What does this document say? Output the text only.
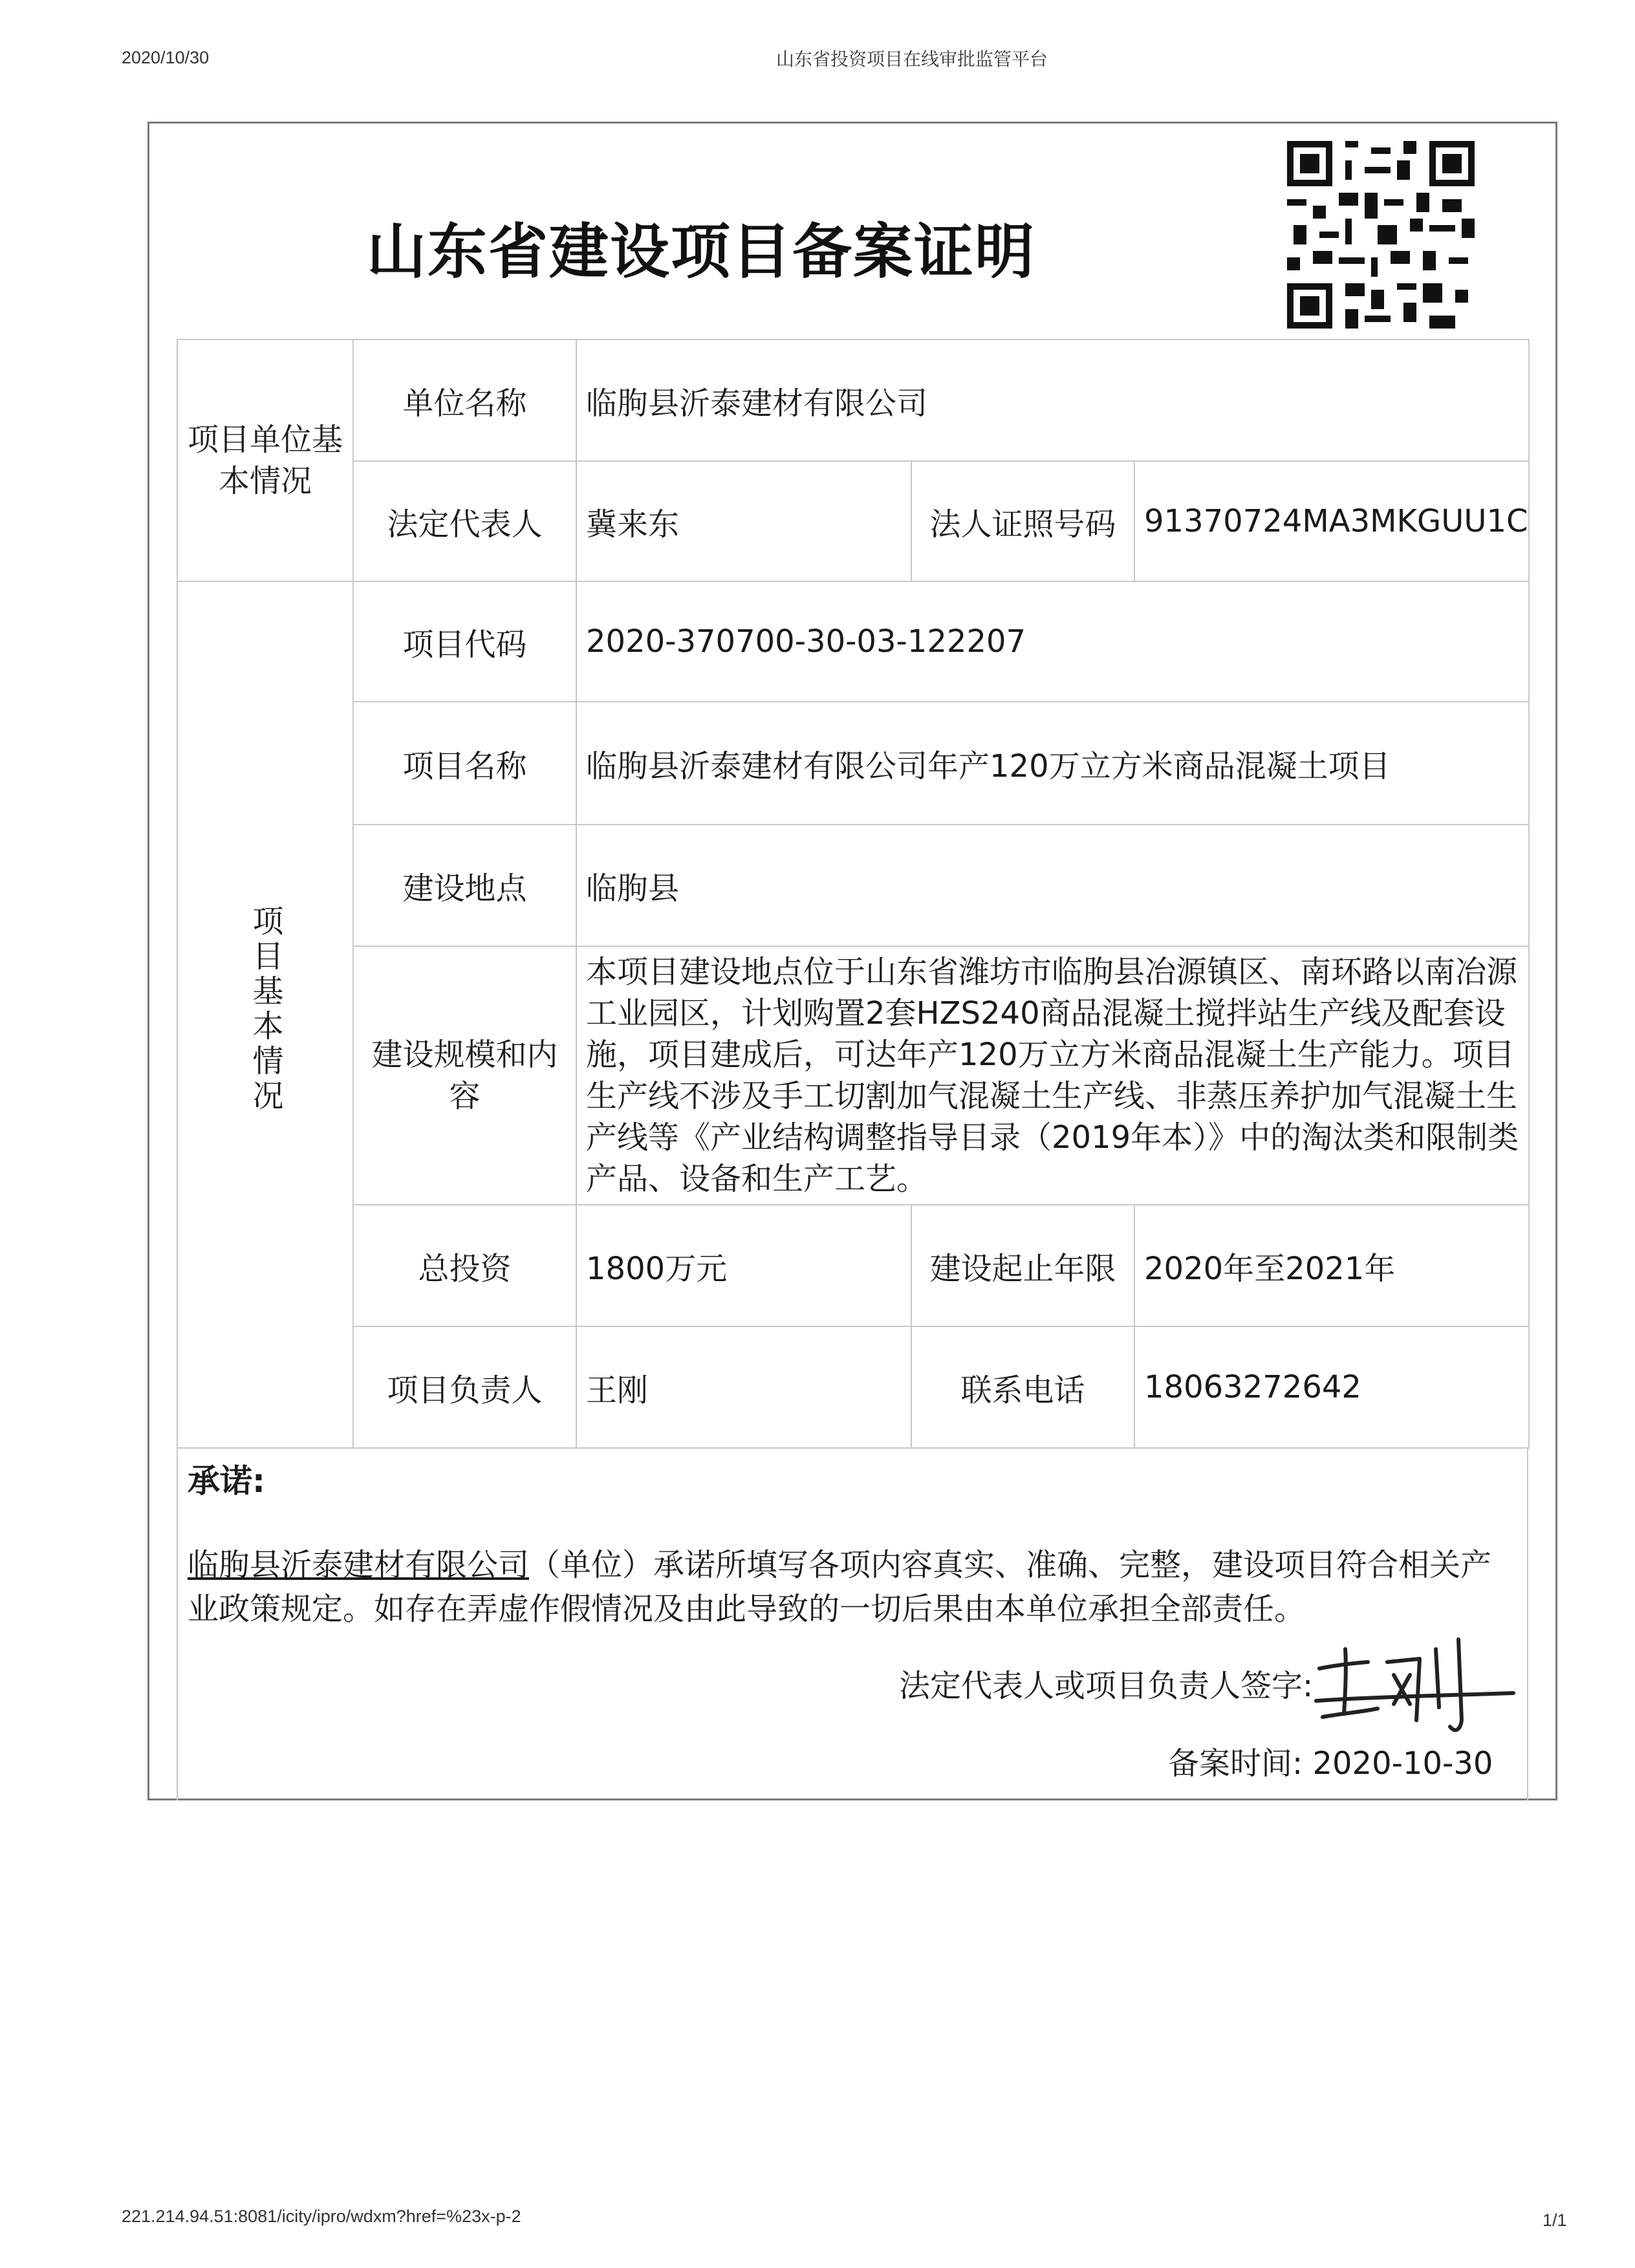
2020/10/30	山东省投资项目在线审批监管平台
山东省建设项目备案证明
项目单位基本情况	单位名称	临朐县沂泰建材有限公司		
	法定代表人	冀来东	法人证照号码	91370724MA3MKGUU1C
项目基本情况	项目代码	2020-370700-30-03-122207		
	项目名称	临朐县沂泰建材有限公司年产120万立方米商品混凝土项目		
	建设地点	临朐县		
	建设规模和内容	本项目建设地点位于山东省潍坊市临朐县冶源镇区、南环路以南冶源工业园区，计划购置2套HZS240商品混凝土搅拌站生产线及配套设施，项目建成后，可达年产120万立方米商品混凝土生产能力。项目生产线不涉及手工切割加气混凝土生产线、非蒸压养护加气混凝土生产线等《产业结构调整指导目录（2019年本）》中的淘汰类和限制类产品、设备和生产工艺。		
	总投资	1800万元	建设起止年限	2020年至2021年
	项目负责人	王刚	联系电话	18063272642
承诺:
临朐县沂泰建材有限公司（单位）承诺所填写各项内容真实、准确、完整，建设项目符合相关产业政策规定。如存在弄虚作假情况及由此导致的一切后果由本单位承担全部责任。
法定代表人或项目负责人签字:
备案时间: 2020-10-30
221.214.94.51:8081/icity/ipro/wdxm?href=%23x-p-2	1/1
